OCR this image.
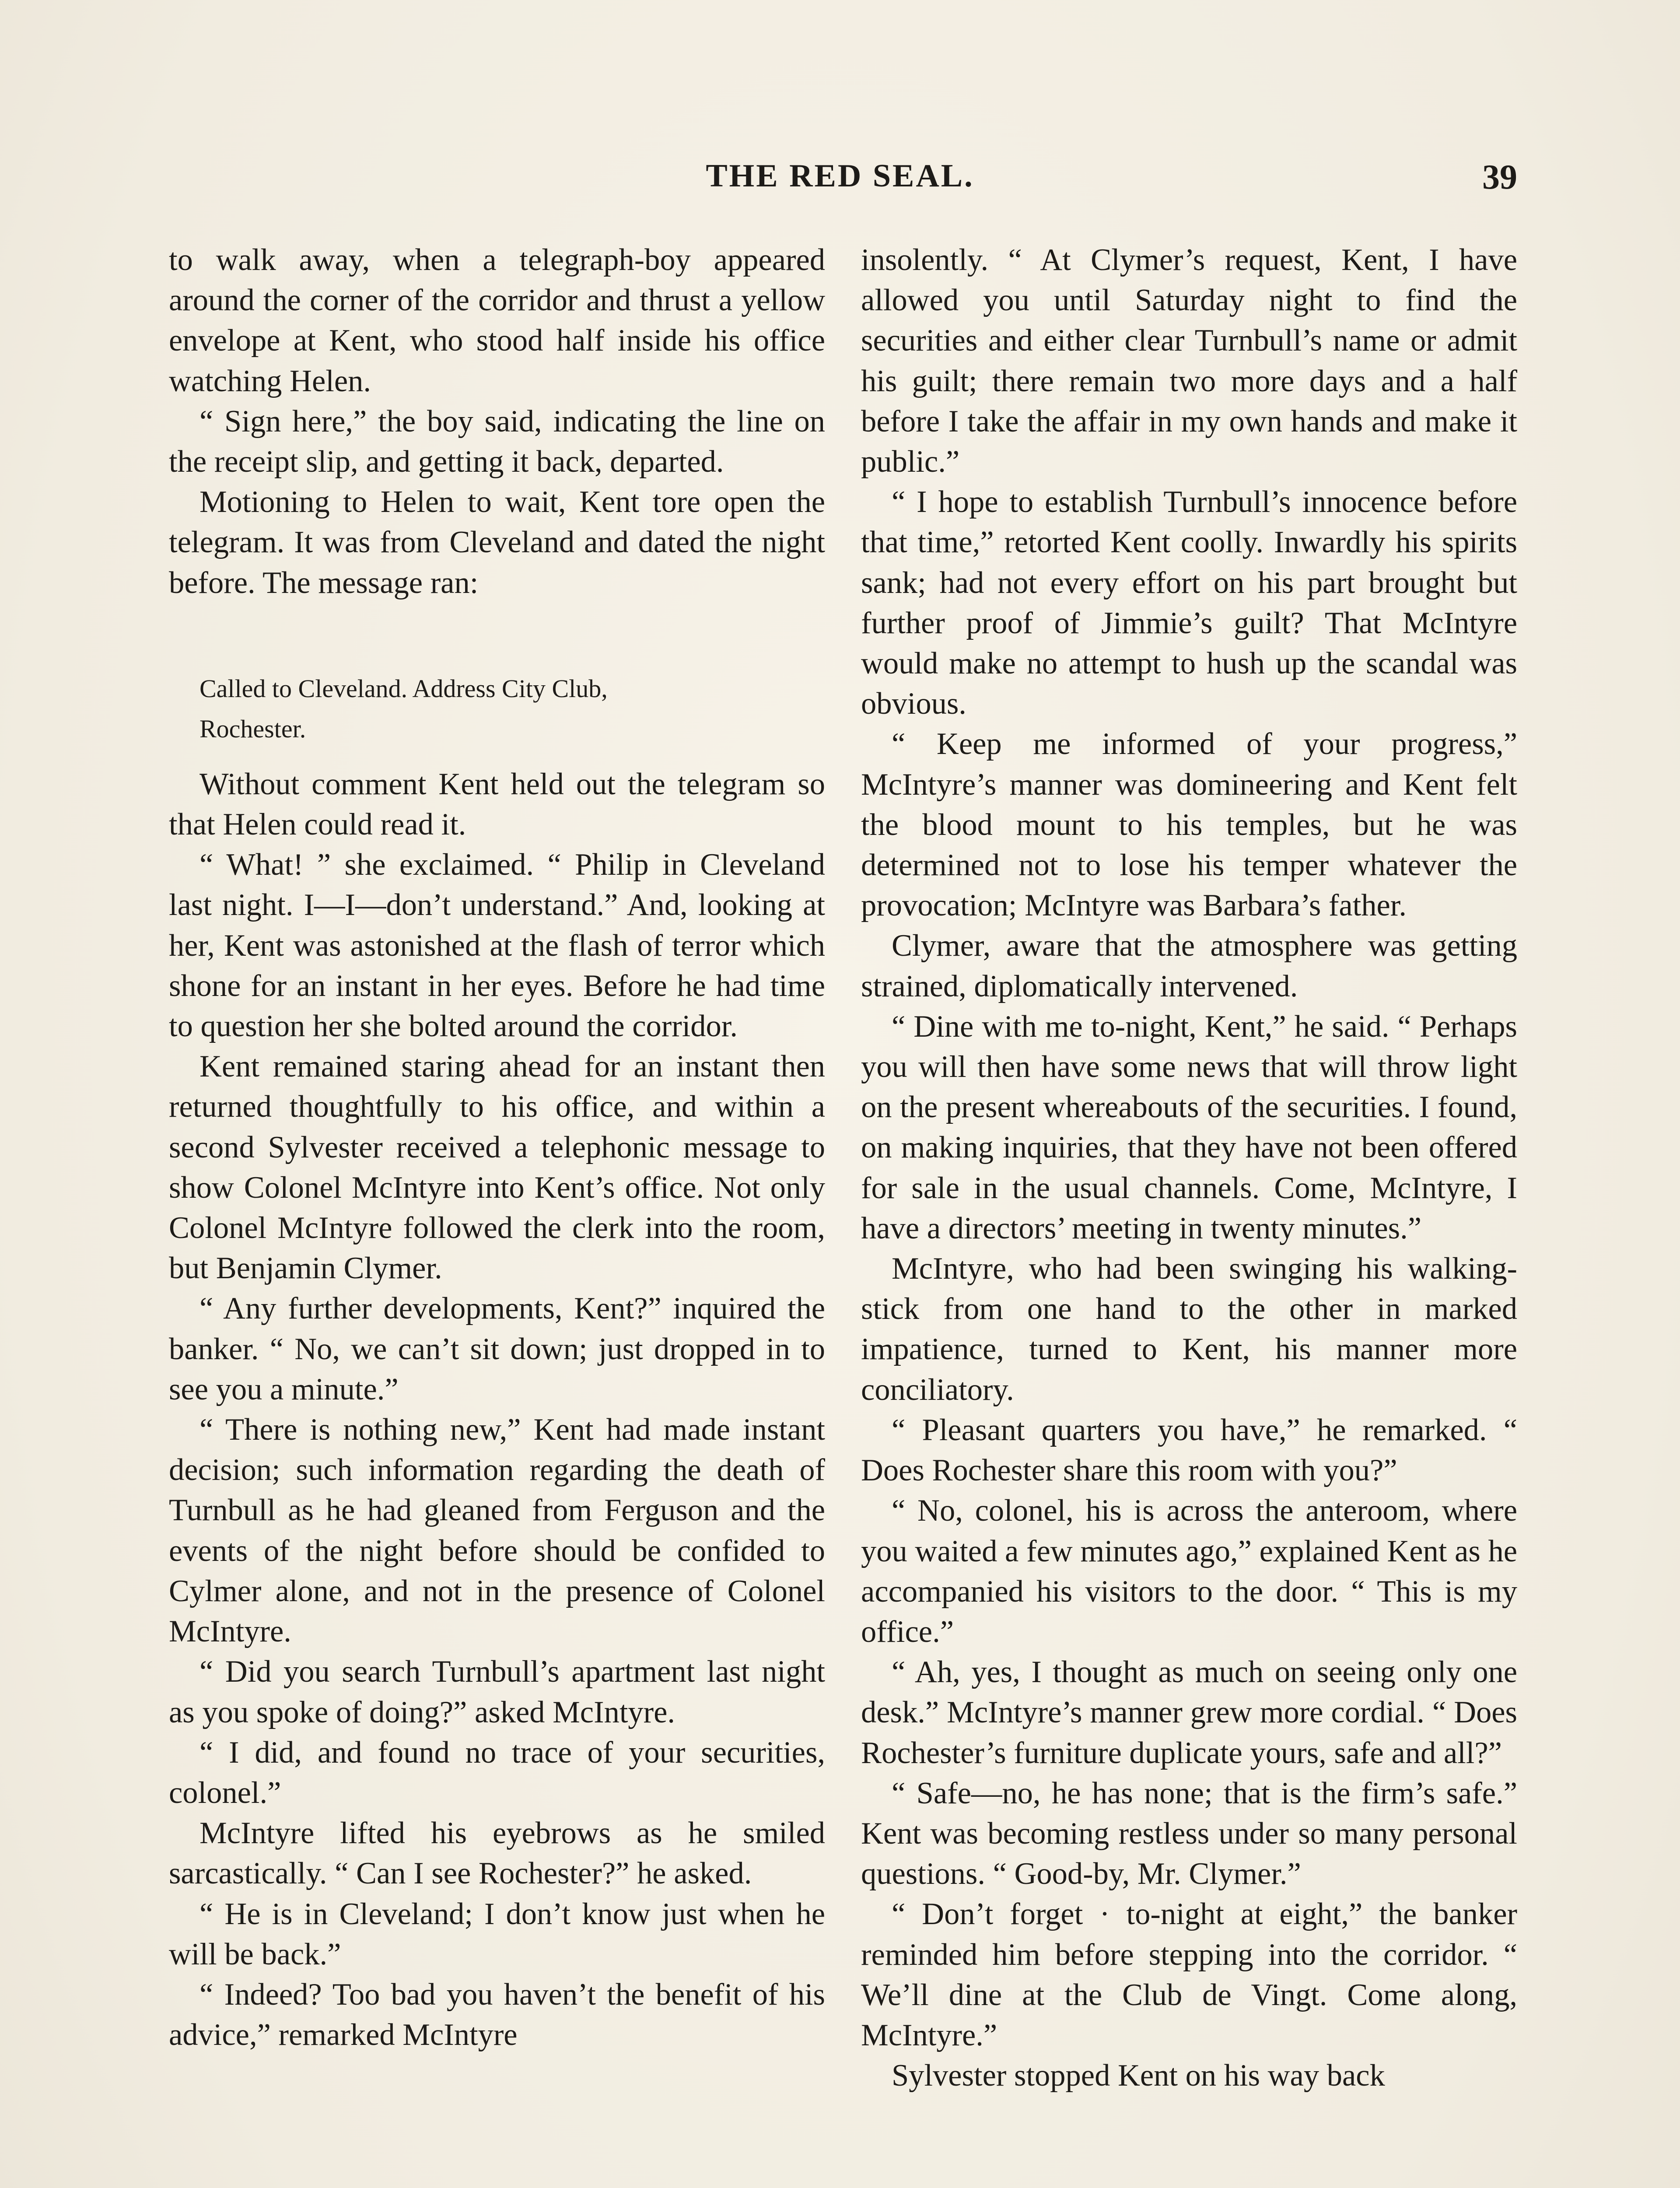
THE RED SEAL.	39

to walk away, when a telegraph-boy appeared around the corner of the corridor and thrust a yellow envelope at Kent, who stood half inside his office watching Helen.

“ Sign here,” the boy said, indicating the line on the receipt slip, and getting it back, departed.

Motioning to Helen to wait, Kent tore open the telegram. It was from Cleveland and dated the night before. The message ran:

Called to Cleveland. Address City Club,
Rochester.

Without comment Kent held out the telegram so that Helen could read it.

“ What! ” she exclaimed. “ Philip in Cleveland last night. I—I—don’t understand.” And, looking at her, Kent was astonished at the flash of terror which shone for an instant in her eyes. Before he had time to question her she bolted around the corridor.

Kent remained staring ahead for an instant then returned thoughtfully to his office, and within a second Sylvester received a telephonic message to show Colonel McIntyre into Kent’s office. Not only Colonel McIntyre followed the clerk into the room, but Benjamin Clymer.

“ Any further developments, Kent?” inquired the banker. “ No, we can’t sit down; just dropped in to see you a minute.”

“ There is nothing new,” Kent had made instant decision; such information regarding the death of Turnbull as he had gleaned from Ferguson and the events of the night before should be confided to Cylmer alone, and not in the presence of Colonel McIntyre.

“ Did you search Turnbull’s apartment last night as you spoke of doing?” asked McIntyre.

“ I did, and found no trace of your securities, colonel.”

McIntyre lifted his eyebrows as he smiled sarcastically. “ Can I see Rochester?” he asked.

“ He is in Cleveland; I don’t know just when he will be back.”

“ Indeed? Too bad you haven’t the benefit of his advice,” remarked McIntyre

insolently. “ At Clymer’s request, Kent, I have allowed you until Saturday night to find the securities and either clear Turnbull’s name or admit his guilt; there remain two more days and a half before I take the affair in my own hands and make it public.”

“ I hope to establish Turnbull’s innocence before that time,” retorted Kent coolly. Inwardly his spirits sank; had not every effort on his part brought but further proof of Jimmie’s guilt? That McIntyre would make no attempt to hush up the scandal was obvious.

“ Keep me informed of your progress,” McIntyre’s manner was domineering and Kent felt the blood mount to his temples, but he was determined not to lose his temper whatever the provocation; McIntyre was Barbara’s father.

Clymer, aware that the atmosphere was getting strained, diplomatically intervened.

“ Dine with me to-night, Kent,” he said. “ Perhaps you will then have some news that will throw light on the present whereabouts of the securities. I found, on making inquiries, that they have not been offered for sale in the usual channels. Come, McIntyre, I have a directors’ meeting in twenty minutes.”

McIntyre, who had been swinging his walking-stick from one hand to the other in marked impatience, turned to Kent, his manner more conciliatory.

“ Pleasant quarters you have,” he remarked. “ Does Rochester share this room with you?”

“ No, colonel, his is across the anteroom, where you waited a few minutes ago,” explained Kent as he accompanied his visitors to the door. “ This is my office.”

“ Ah, yes, I thought as much on seeing only one desk.” McIntyre’s manner grew more cordial. “ Does Rochester’s furniture duplicate yours, safe and all?”

“ Safe—no, he has none; that is the firm’s safe.” Kent was becoming restless under so many personal questions. “ Good-by, Mr. Clymer.”

“ Don’t forget · to-night at eight,” the banker reminded him before stepping into the corridor. “ We’ll dine at the Club de Vingt. Come along, McIntyre.”

Sylvester stopped Kent on his way back
